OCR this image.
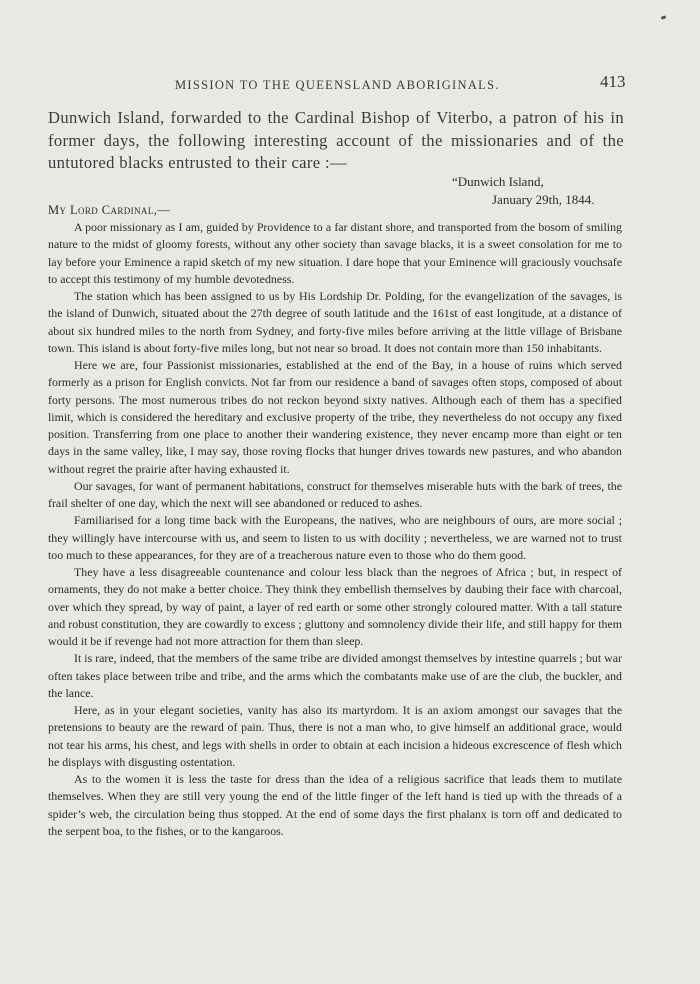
MISSION TO THE QUEENSLAND ABORIGINALS.	413

Dunwich Island, forwarded to the Cardinal Bishop of Viterbo, a patron of his in former days, the following interesting account of the missionaries and of the untutored blacks entrusted to their care :—

“Dunwich Island,
January 29th, 1844.
My Lord Cardinal,—

A poor missionary as I am, guided by Providence to a far distant shore, and transported from the bosom of smiling nature to the midst of gloomy forests, without any other society than savage blacks, it is a sweet consolation for me to lay before your Eminence a rapid sketch of my new situation. I dare hope that your Eminence will graciously vouchsafe to accept this testimony of my humble devotedness.

The station which has been assigned to us by His Lordship Dr. Polding, for the evangelization of the savages, is the island of Dunwich, situated about the 27th degree of south latitude and the 161st of east longitude, at a distance of about six hundred miles to the north from Sydney, and forty-five miles before arriving at the little village of Brisbane town. This island is about forty-five miles long, but not near so broad. It does not contain more than 150 inhabitants.

Here we are, four Passionist missionaries, established at the end of the Bay, in a house of ruins which served formerly as a prison for English convicts. Not far from our residence a band of savages often stops, composed of about forty persons. The most numerous tribes do not reckon beyond sixty natives. Although each of them has a specified limit, which is considered the hereditary and exclusive property of the tribe, they nevertheless do not occupy any fixed position. Transferring from one place to another their wandering existence, they never encamp more than eight or ten days in the same valley, like, I may say, those roving flocks that hunger drives towards new pastures, and who abandon without regret the prairie after having exhausted it.

Our savages, for want of permanent habitations, construct for themselves miserable huts with the bark of trees, the frail shelter of one day, which the next will see abandoned or reduced to ashes.

Familiarised for a long time back with the Europeans, the natives, who are neighbours of ours, are more social ; they willingly have intercourse with us, and seem to listen to us with docility ; nevertheless, we are warned not to trust too much to these appearances, for they are of a treacherous nature even to those who do them good.

They have a less disagreeable countenance and colour less black than the negroes of Africa ; but, in respect of ornaments, they do not make a better choice. They think they embellish themselves by daubing their face with charcoal, over which they spread, by way of paint, a layer of red earth or some other strongly coloured matter. With a tall stature and robust constitution, they are cowardly to excess ; gluttony and somnolency divide their life, and still happy for them would it be if revenge had not more attraction for them than sleep.

It is rare, indeed, that the members of the same tribe are divided amongst themselves by intestine quarrels ; but war often takes place between tribe and tribe, and the arms which the combatants make use of are the club, the buckler, and the lance.

Here, as in your elegant societies, vanity has also its martyrdom. It is an axiom amongst our savages that the pretensions to beauty are the reward of pain. Thus, there is not a man who, to give himself an additional grace, would not tear his arms, his chest, and legs with shells in order to obtain at each incision a hideous excrescence of flesh which he displays with disgusting ostentation.

As to the women it is less the taste for dress than the idea of a religious sacrifice that leads them to mutilate themselves. When they are still very young the end of the little finger of the left hand is tied up with the threads of a spider’s web, the circulation being thus stopped. At the end of some days the first phalanx is torn off and dedicated to the serpent boa, to the fishes, or to the kangaroos.
